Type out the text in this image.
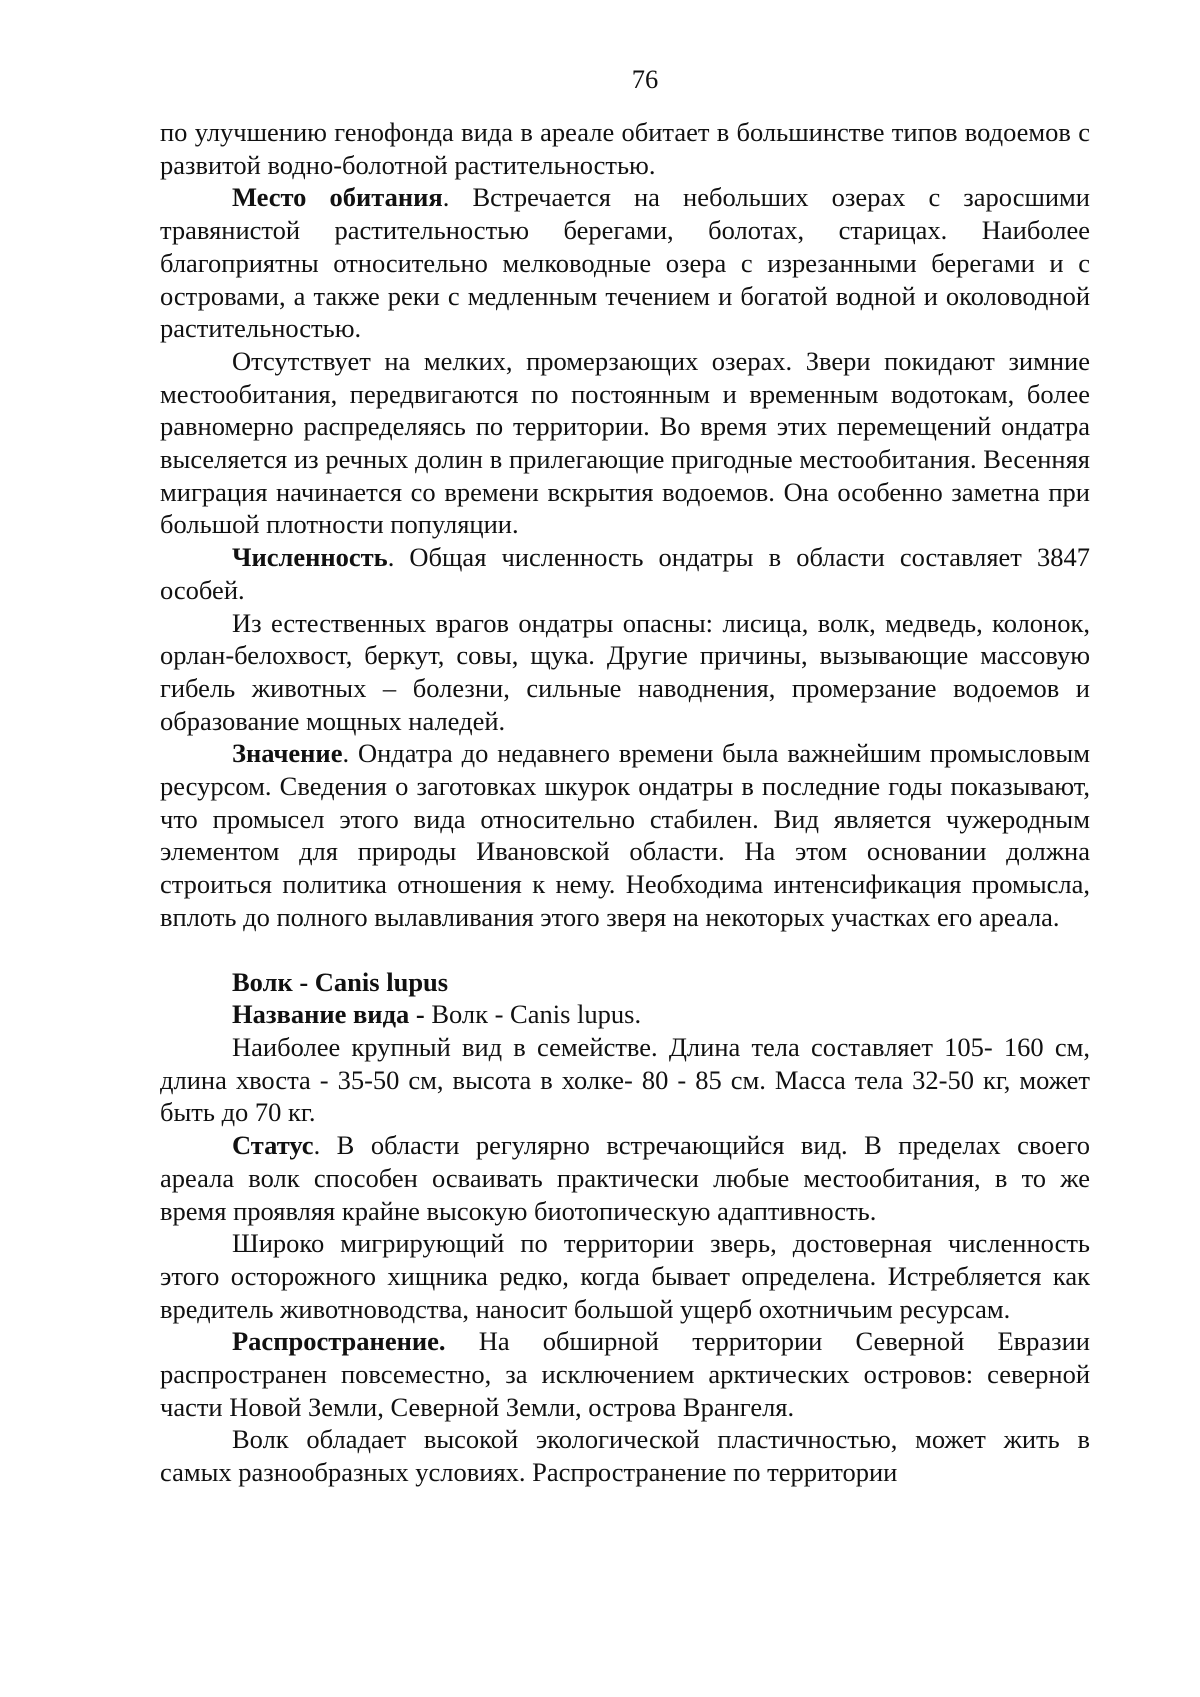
76

по улучшению генофонда вида в ареале обитает в большинстве типов водоемов с развитой водно-болотной растительностью.

Место обитания. Встречается на небольших озерах с заросшими травянистой растительностью берегами, болотах, старицах. Наиболее благоприятны относительно мелководные озера с изрезанными берегами и с островами, а также реки с медленным течением и богатой водной и околоводной растительностью.

Отсутствует на мелких, промерзающих озерах. Звери покидают зимние местообитания, передвигаются по постоянным и временным водотокам, более равномерно распределяясь по территории. Во время этих перемещений ондатра выселяется из речных долин в прилегающие пригодные местообитания. Весенняя миграция начинается со времени вскрытия водоемов. Она особенно заметна при большой плотности популяции.

Численность. Общая численность ондатры в области составляет 3847 особей.

Из естественных врагов ондатры опасны: лисица, волк, медведь, колонок, орлан-белохвост, беркут, совы, щука. Другие причины, вызывающие массовую гибель животных – болезни, сильные наводнения, промерзание водоемов и образование мощных наледей.

Значение. Ондатра до недавнего времени была важнейшим промысловым ресурсом. Сведения о заготовках шкурок ондатры в последние годы показывают, что промысел этого вида относительно стабилен. Вид является чужеродным элементом для природы Ивановской области. На этом основании должна строиться политика отношения к нему. Необходима интенсификация промысла, вплоть до полного вылавливания этого зверя на некоторых участках его ареала.

Волк - Canis lupus

Название вида - Волк - Canis lupus.

Наиболее крупный вид в семействе. Длина тела составляет 105- 160 см, длина хвоста - 35-50 см, высота в холке- 80 - 85 см. Масса тела 32-50 кг, может быть до 70 кг.

Статус. В области регулярно встречающийся вид. В пределах своего ареала волк способен осваивать практически любые местообитания, в то же время проявляя крайне высокую биотопическую адаптивность.

Широко мигрирующий по территории зверь, достоверная численность этого осторожного хищника редко, когда бывает определена. Истребляется как вредитель животноводства, наносит большой ущерб охотничьим ресурсам.

Распространение. На обширной территории Северной Евразии распространен повсеместно, за исключением арктических островов: северной части Новой Земли, Северной Земли, острова Врангеля.

Волк обладает высокой экологической пластичностью, может жить в самых разнообразных условиях. Распространение по территории
